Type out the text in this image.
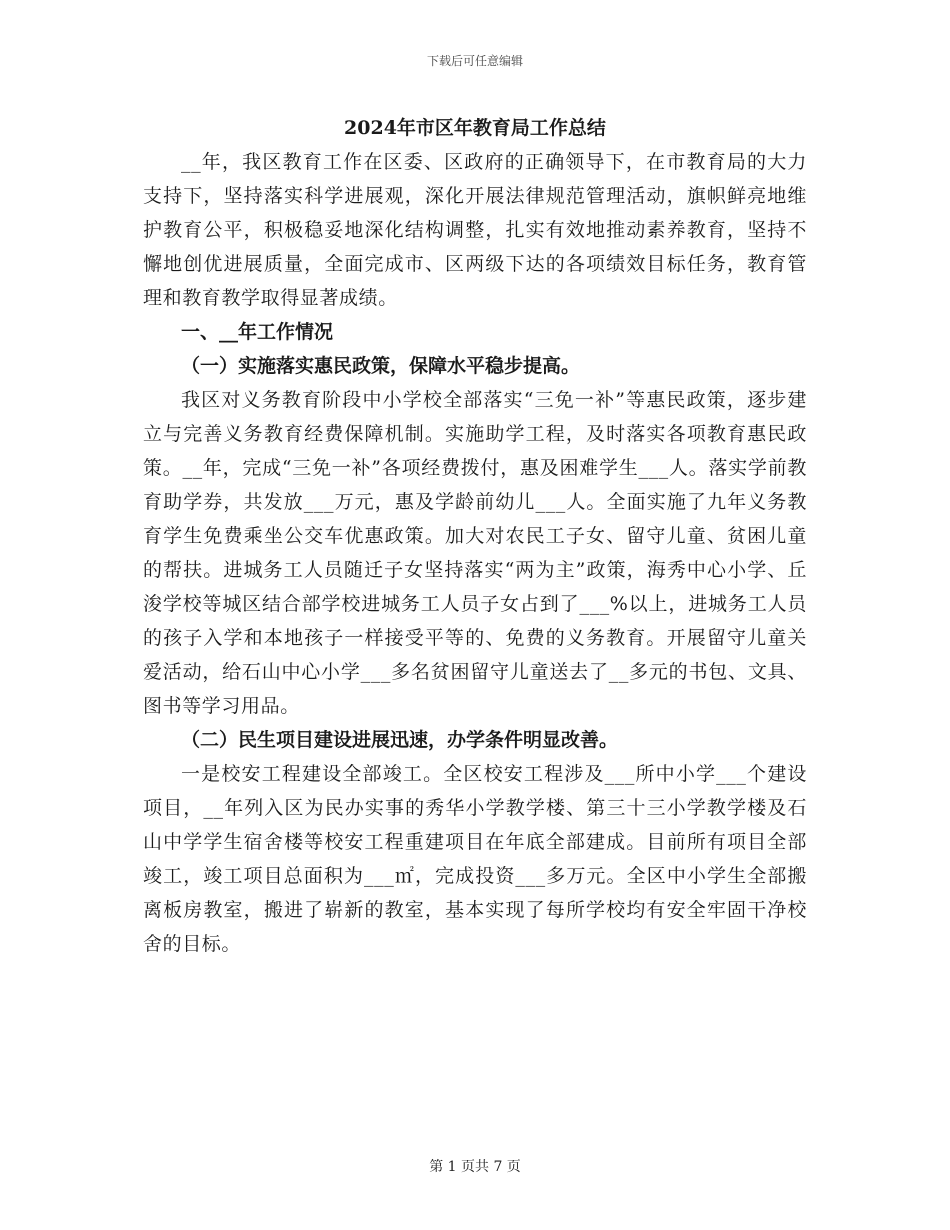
下载后可任意编辑
2024年市区年教育局工作总结

__年，我区教育工作在区委、区政府的正确领导下，在市教育局的大力支持下，坚持落实科学进展观，深化开展法律规范管理活动，旗帜鲜亮地维护教育公平，积极稳妥地深化结构调整，扎实有效地推动素养教育，坚持不懈地创优进展质量，全面完成市、区两级下达的各项绩效目标任务，教育管理和教育教学取得显著成绩。

一、__年工作情况

（一）实施落实惠民政策，保障水平稳步提高。

我区对义务教育阶段中小学校全部落实“三免一补”等惠民政策，逐步建立与完善义务教育经费保障机制。实施助学工程，及时落实各项教育惠民政策。__年，完成“三免一补”各项经费拨付，惠及困难学生___人。落实学前教育助学券，共发放___万元，惠及学龄前幼儿___人。全面实施了九年义务教育学生免费乘坐公交车优惠政策。加大对农民工子女、留守儿童、贫困儿童的帮扶。进城务工人员随迁子女坚持落实“两为主”政策，海秀中心小学、丘浚学校等城区结合部学校进城务工人员子女占到了___%以上，进城务工人员的孩子入学和本地孩子一样接受平等的、免费的义务教育。开展留守儿童关爱活动，给石山中心小学___多名贫困留守儿童送去了__多元的书包、文具、图书等学习用品。

（二）民生项目建设进展迅速，办学条件明显改善。

一是校安工程建设全部竣工。全区校安工程涉及___所中小学___个建设项目，__年列入区为民办实事的秀华小学教学楼、第三十三小学教学楼及石山中学学生宿舍楼等校安工程重建项目在年底全部建成。目前所有项目全部竣工，竣工项目总面积为___㎡，完成投资___多万元。全区中小学生全部搬离板房教室，搬进了崭新的教室，基本实现了每所学校均有安全牢固干净校舍的目标。

第 1 页共 7 页
